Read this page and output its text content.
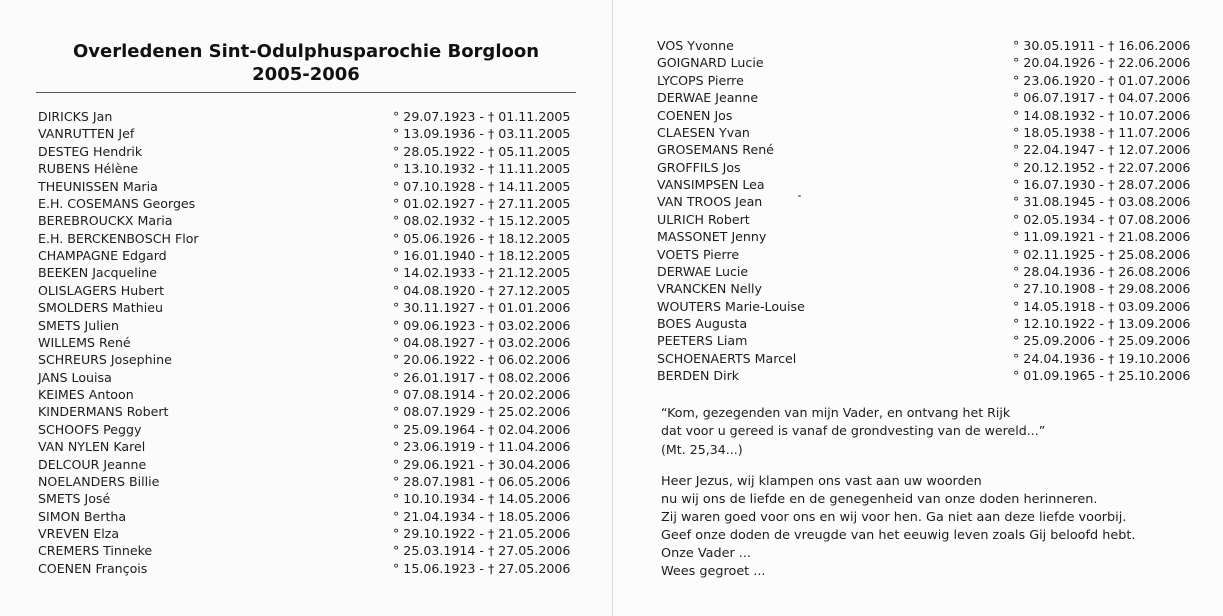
Overledenen Sint-Odulphusparochie Borgloon
2005-2006
DIRICKS Jan	° 29.07.1923 - † 01.11.2005
VANRUTTEN Jef	° 13.09.1936 - † 03.11.2005
DESTEG Hendrik	° 28.05.1922 - † 05.11.2005
RUBENS Hélène	° 13.10.1932 - † 11.11.2005
THEUNISSEN Maria	° 07.10.1928 - † 14.11.2005
E.H. COSEMANS Georges	° 01.02.1927 - † 27.11.2005
BEREBROUCKX Maria	° 08.02.1932 - † 15.12.2005
E.H. BERCKENBOSCH Flor	° 05.06.1926 - † 18.12.2005
CHAMPAGNE Edgard	° 16.01.1940 - † 18.12.2005
BEEKEN Jacqueline	° 14.02.1933 - † 21.12.2005
OLISLAGERS Hubert	° 04.08.1920 - † 27.12.2005
SMOLDERS Mathieu	° 30.11.1927 - † 01.01.2006
SMETS Julien	° 09.06.1923 - † 03.02.2006
WILLEMS René	° 04.08.1927 - † 03.02.2006
SCHREURS Josephine	° 20.06.1922 - † 06.02.2006
JANS Louisa	° 26.01.1917 - † 08.02.2006
KEIMES Antoon	° 07.08.1914 - † 20.02.2006
KINDERMANS Robert	° 08.07.1929 - † 25.02.2006
SCHOOFS Peggy	° 25.09.1964 - † 02.04.2006
VAN NYLEN Karel	° 23.06.1919 - † 11.04.2006
DELCOUR Jeanne	° 29.06.1921 - † 30.04.2006
NOELANDERS Billie	° 28.07.1981 - † 06.05.2006
SMETS José	° 10.10.1934 - † 14.05.2006
SIMON Bertha	° 21.04.1934 - † 18.05.2006
VREVEN Elza	° 29.10.1922 - † 21.05.2006
CREMERS Tinneke	° 25.03.1914 - † 27.05.2006
COENEN François	° 15.06.1923 - † 27.05.2006
VOS Yvonne	° 30.05.1911 - † 16.06.2006
GOIGNARD Lucie	° 20.04.1926 - † 22.06.2006
LYCOPS Pierre	° 23.06.1920 - † 01.07.2006
DERWAE Jeanne	° 06.07.1917 - † 04.07.2006
COENEN Jos	° 14.08.1932 - † 10.07.2006
CLAESEN Yvan	° 18.05.1938 - † 11.07.2006
GROSEMANS René	° 22.04.1947 - † 12.07.2006
GROFFILS Jos	° 20.12.1952 - † 22.07.2006
VANSIMPSEN Lea	° 16.07.1930 - † 28.07.2006
VAN TROOS Jean	° 31.08.1945 - † 03.08.2006
ULRICH Robert	° 02.05.1934 - † 07.08.2006
MASSONET Jenny	° 11.09.1921 - † 21.08.2006
VOETS Pierre	° 02.11.1925 - † 25.08.2006
DERWAE Lucie	° 28.04.1936 - † 26.08.2006
VRANCKEN Nelly	° 27.10.1908 - † 29.08.2006
WOUTERS Marie-Louise	° 14.05.1918 - † 03.09.2006
BOES Augusta	° 12.10.1922 - † 13.09.2006
PEETERS Liam	° 25.09.2006 - † 25.09.2006
SCHOENAERTS Marcel	° 24.04.1936 - † 19.10.2006
BERDEN Dirk	° 01.09.1965 - † 25.10.2006
“Kom, gezegenden van mijn Vader, en ontvang het Rijk
dat voor u gereed is vanaf de grondvesting van de wereld...”
(Mt. 25,34...)
Heer Jezus, wij klampen ons vast aan uw woorden
nu wij ons de liefde en de genegenheid van onze doden herinneren.
Zij waren goed voor ons en wij voor hen. Ga niet aan deze liefde voorbij.
Geef onze doden de vreugde van het eeuwig leven zoals Gij beloofd hebt.
Onze Vader ...
Wees gegroet ...
